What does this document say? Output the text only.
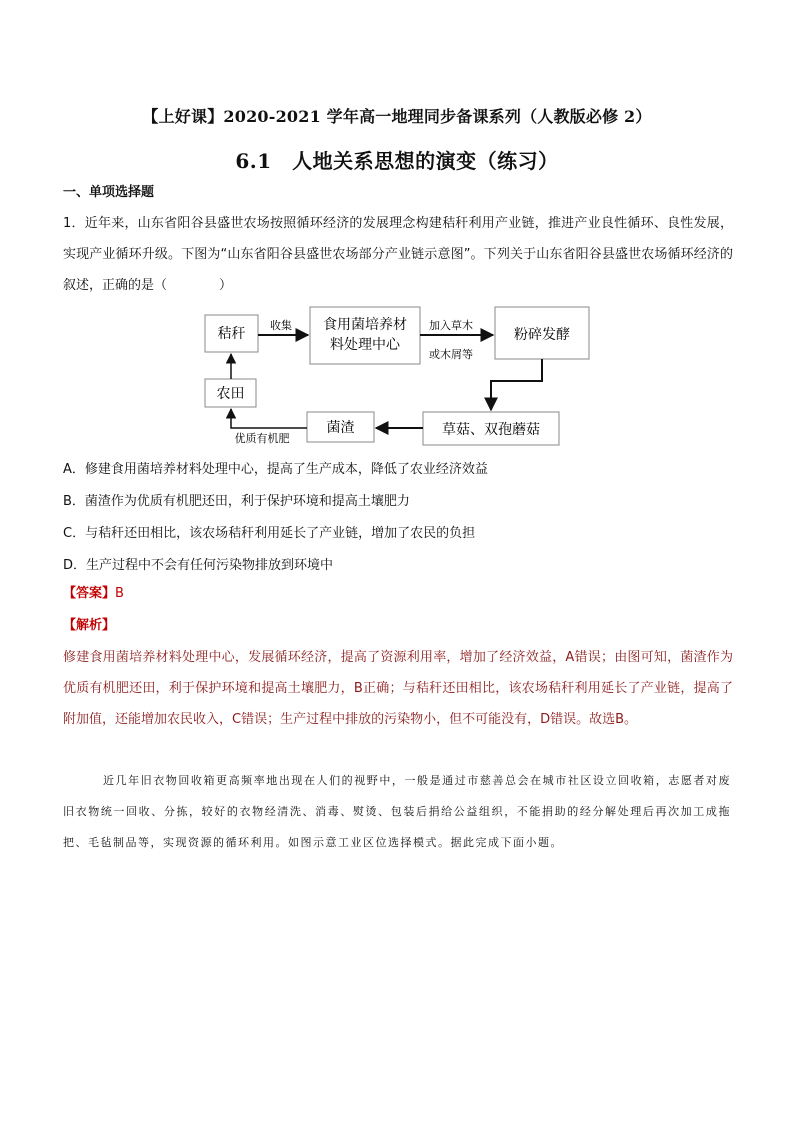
【上好课】2020-2021 学年高一地理同步备课系列（人教版必修 2）
6.1　人地关系思想的演变（练习）
一、单项选择题
1．近年来，山东省阳谷县盛世农场按照循环经济的发展理念构建秸秆利用产业链，推进产业良性循环、良性发展，实现产业循环升级。下图为“山东省阳谷县盛世农场部分产业链示意图”。下列关于山东省阳谷县盛世农场循环经济的叙述，正确的是（　　　　）
秸秆
食用菌培养材
料处理中心
粉碎发酵
草菇、双孢蘑菇
菌渣
农田
收集	加入草木
或木屑等
优质有机肥
A．修建食用菌培养材料处理中心，提高了生产成本，降低了农业经济效益
B．菌渣作为优质有机肥还田，利于保护环境和提高土壤肥力
C．与秸秆还田相比，该农场秸秆利用延长了产业链，增加了农民的负担
D．生产过程中不会有任何污染物排放到环境中
【答案】B
【解析】
修建食用菌培养材料处理中心，发展循环经济，提高了资源利用率，增加了经济效益，A错误；由图可知，菌渣作为优质有机肥还田，利于保护环境和提高土壤肥力，B正确；与秸秆还田相比，该农场秸秆利用延长了产业链，提高了附加值，还能增加农民收入，C错误；生产过程中排放的污染物小，但不可能没有，D错误。故选B。
近几年旧衣物回收箱更高频率地出现在人们的视野中，一般是通过市慈善总会在城市社区设立回收箱，志愿者对废旧衣物统一回收、分拣，较好的衣物经清洗、消毒、熨烫、包装后捐给公益组织，不能捐助的经分解处理后再次加工成拖把、毛毡制品等，实现资源的循环利用。如图示意工业区位选择模式。据此完成下面小题。
